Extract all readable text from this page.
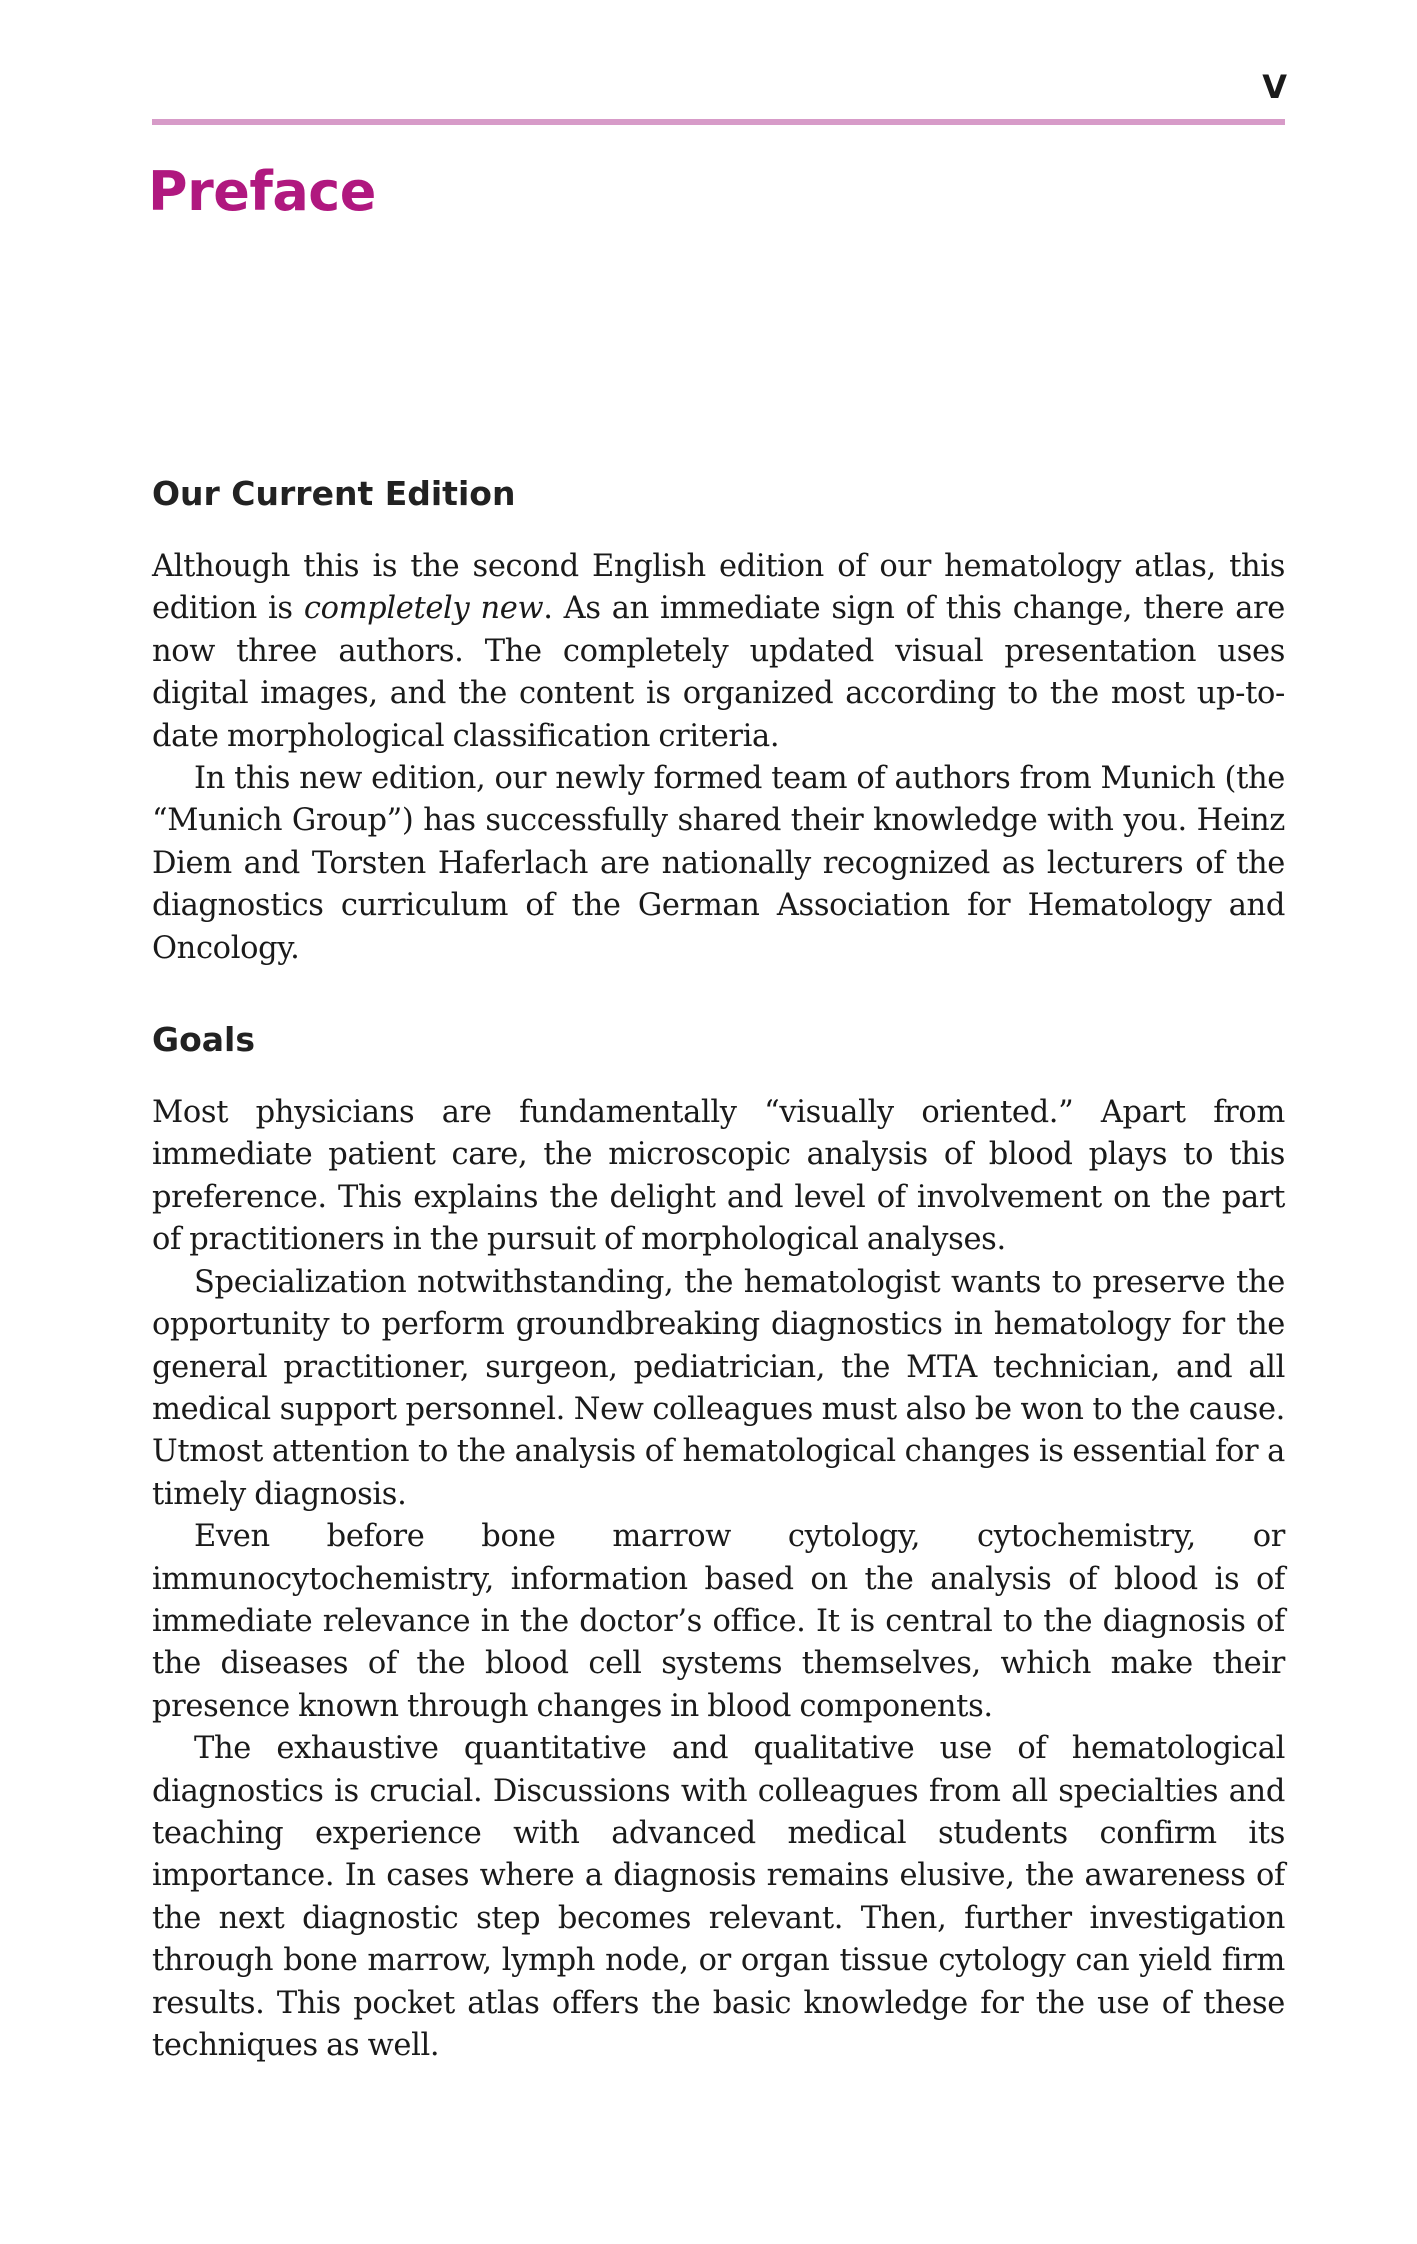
V
Preface
Our Current Edition

Although this is the second English edition of our hematology atlas, this edition is completely new. As an immediate sign of this change, there are now three authors. The completely updated visual presentation uses digital images, and the content is organized according to the most up-to-date morphological classification criteria.

In this new edition, our newly formed team of authors from Munich (the “Munich Group”) has successfully shared their knowledge with you. Heinz Diem and Torsten Haferlach are nationally recognized as lecturers of the diagnostics curriculum of the German Association for Hematology and Oncology.

Goals

Most physicians are fundamentally “visually oriented.” Apart from immediate patient care, the microscopic analysis of blood plays to this preference. This explains the delight and level of involvement on the part of practitioners in the pursuit of morphological analyses.

Specialization notwithstanding, the hematologist wants to preserve the opportunity to perform groundbreaking diagnostics in hematology for the general practitioner, surgeon, pediatrician, the MTA technician, and all medical support personnel. New colleagues must also be won to the cause. Utmost attention to the analysis of hematological changes is essential for a timely diagnosis.

Even before bone marrow cytology, cytochemistry, or immunocytochemistry, information based on the analysis of blood is of immediate relevance in the doctor’s office. It is central to the diagnosis of the diseases of the blood cell systems themselves, which make their presence known through changes in blood components.

The exhaustive quantitative and qualitative use of hematological diagnostics is crucial. Discussions with colleagues from all specialties and teaching experience with advanced medical students confirm its importance. In cases where a diagnosis remains elusive, the awareness of the next diagnostic step becomes relevant. Then, further investigation through bone marrow, lymph node, or organ tissue cytology can yield firm results. This pocket atlas offers the basic knowledge for the use of these techniques as well.
